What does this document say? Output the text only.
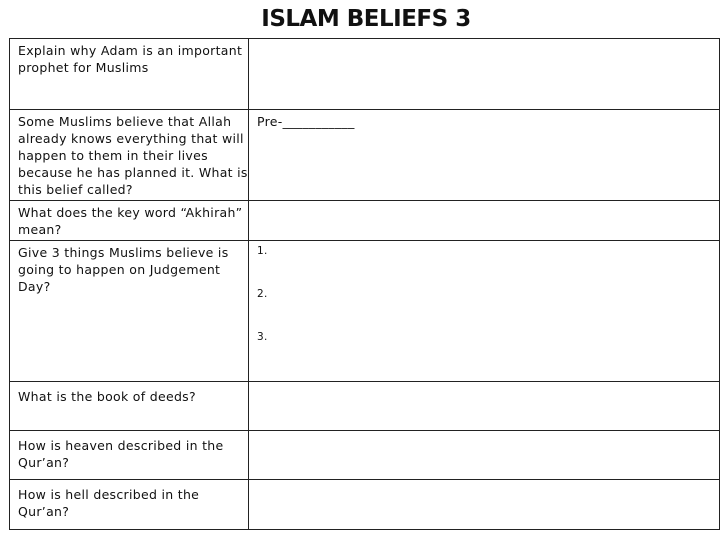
ISLAM BELIEFS 3
Explain why Adam is an important prophet for Muslims	
Some Muslims believe that Allah already knows everything that will happen to them in their lives because he has planned it. What is this belief called?	Pre-___________
What does the key word “Akhirah” mean?	
Give 3 things Muslims believe is going to happen on Judgement Day?	1.
2.
3.

What is the book of deeds?	
How is heaven described in the Qur’an?	
How is hell described in the Qur’an?	
